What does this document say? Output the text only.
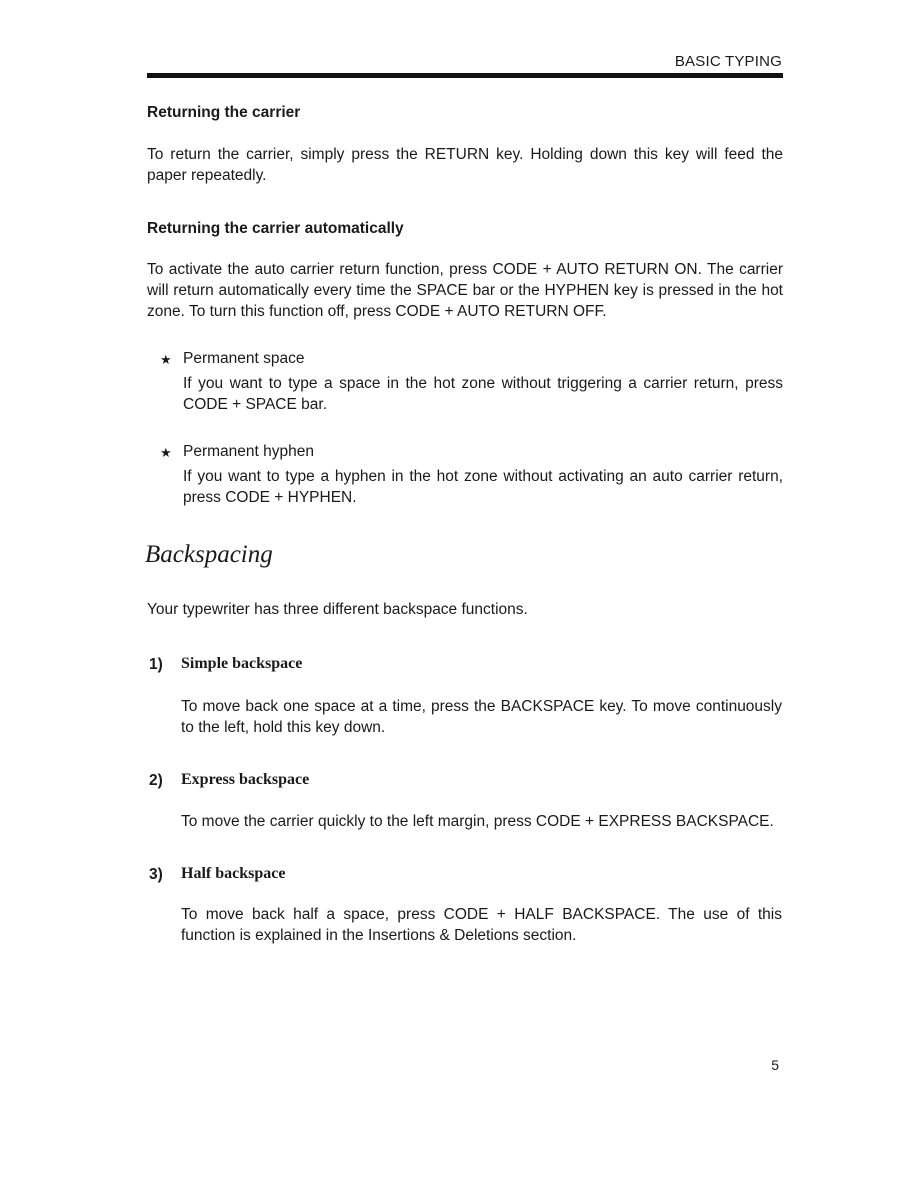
BASIC TYPING
Returning the carrier
To return the carrier, simply press the RETURN key. Holding down this key will feed the paper repeatedly.
Returning the carrier automatically
To activate the auto carrier return function, press CODE + AUTO RETURN ON. The carrier will return automatically every time the SPACE bar or the HYPHEN key is pressed in the hot zone. To turn this function off, press CODE + AUTO RETURN OFF.
★ Permanent space
If you want to type a space in the hot zone without triggering a carrier return, press CODE + SPACE bar.
★ Permanent hyphen
If you want to type a hyphen in the hot zone without activating an auto carrier return, press CODE + HYPHEN.
Backspacing
Your typewriter has three different backspace functions.
1) Simple backspace
To move back one space at a time, press the BACKSPACE key. To move continuously to the left, hold this key down.
2) Express backspace
To move the carrier quickly to the left margin, press CODE + EXPRESS BACKSPACE.
3) Half backspace
To move back half a space, press CODE + HALF BACKSPACE. The use of this function is explained in the Insertions & Deletions section.
5
